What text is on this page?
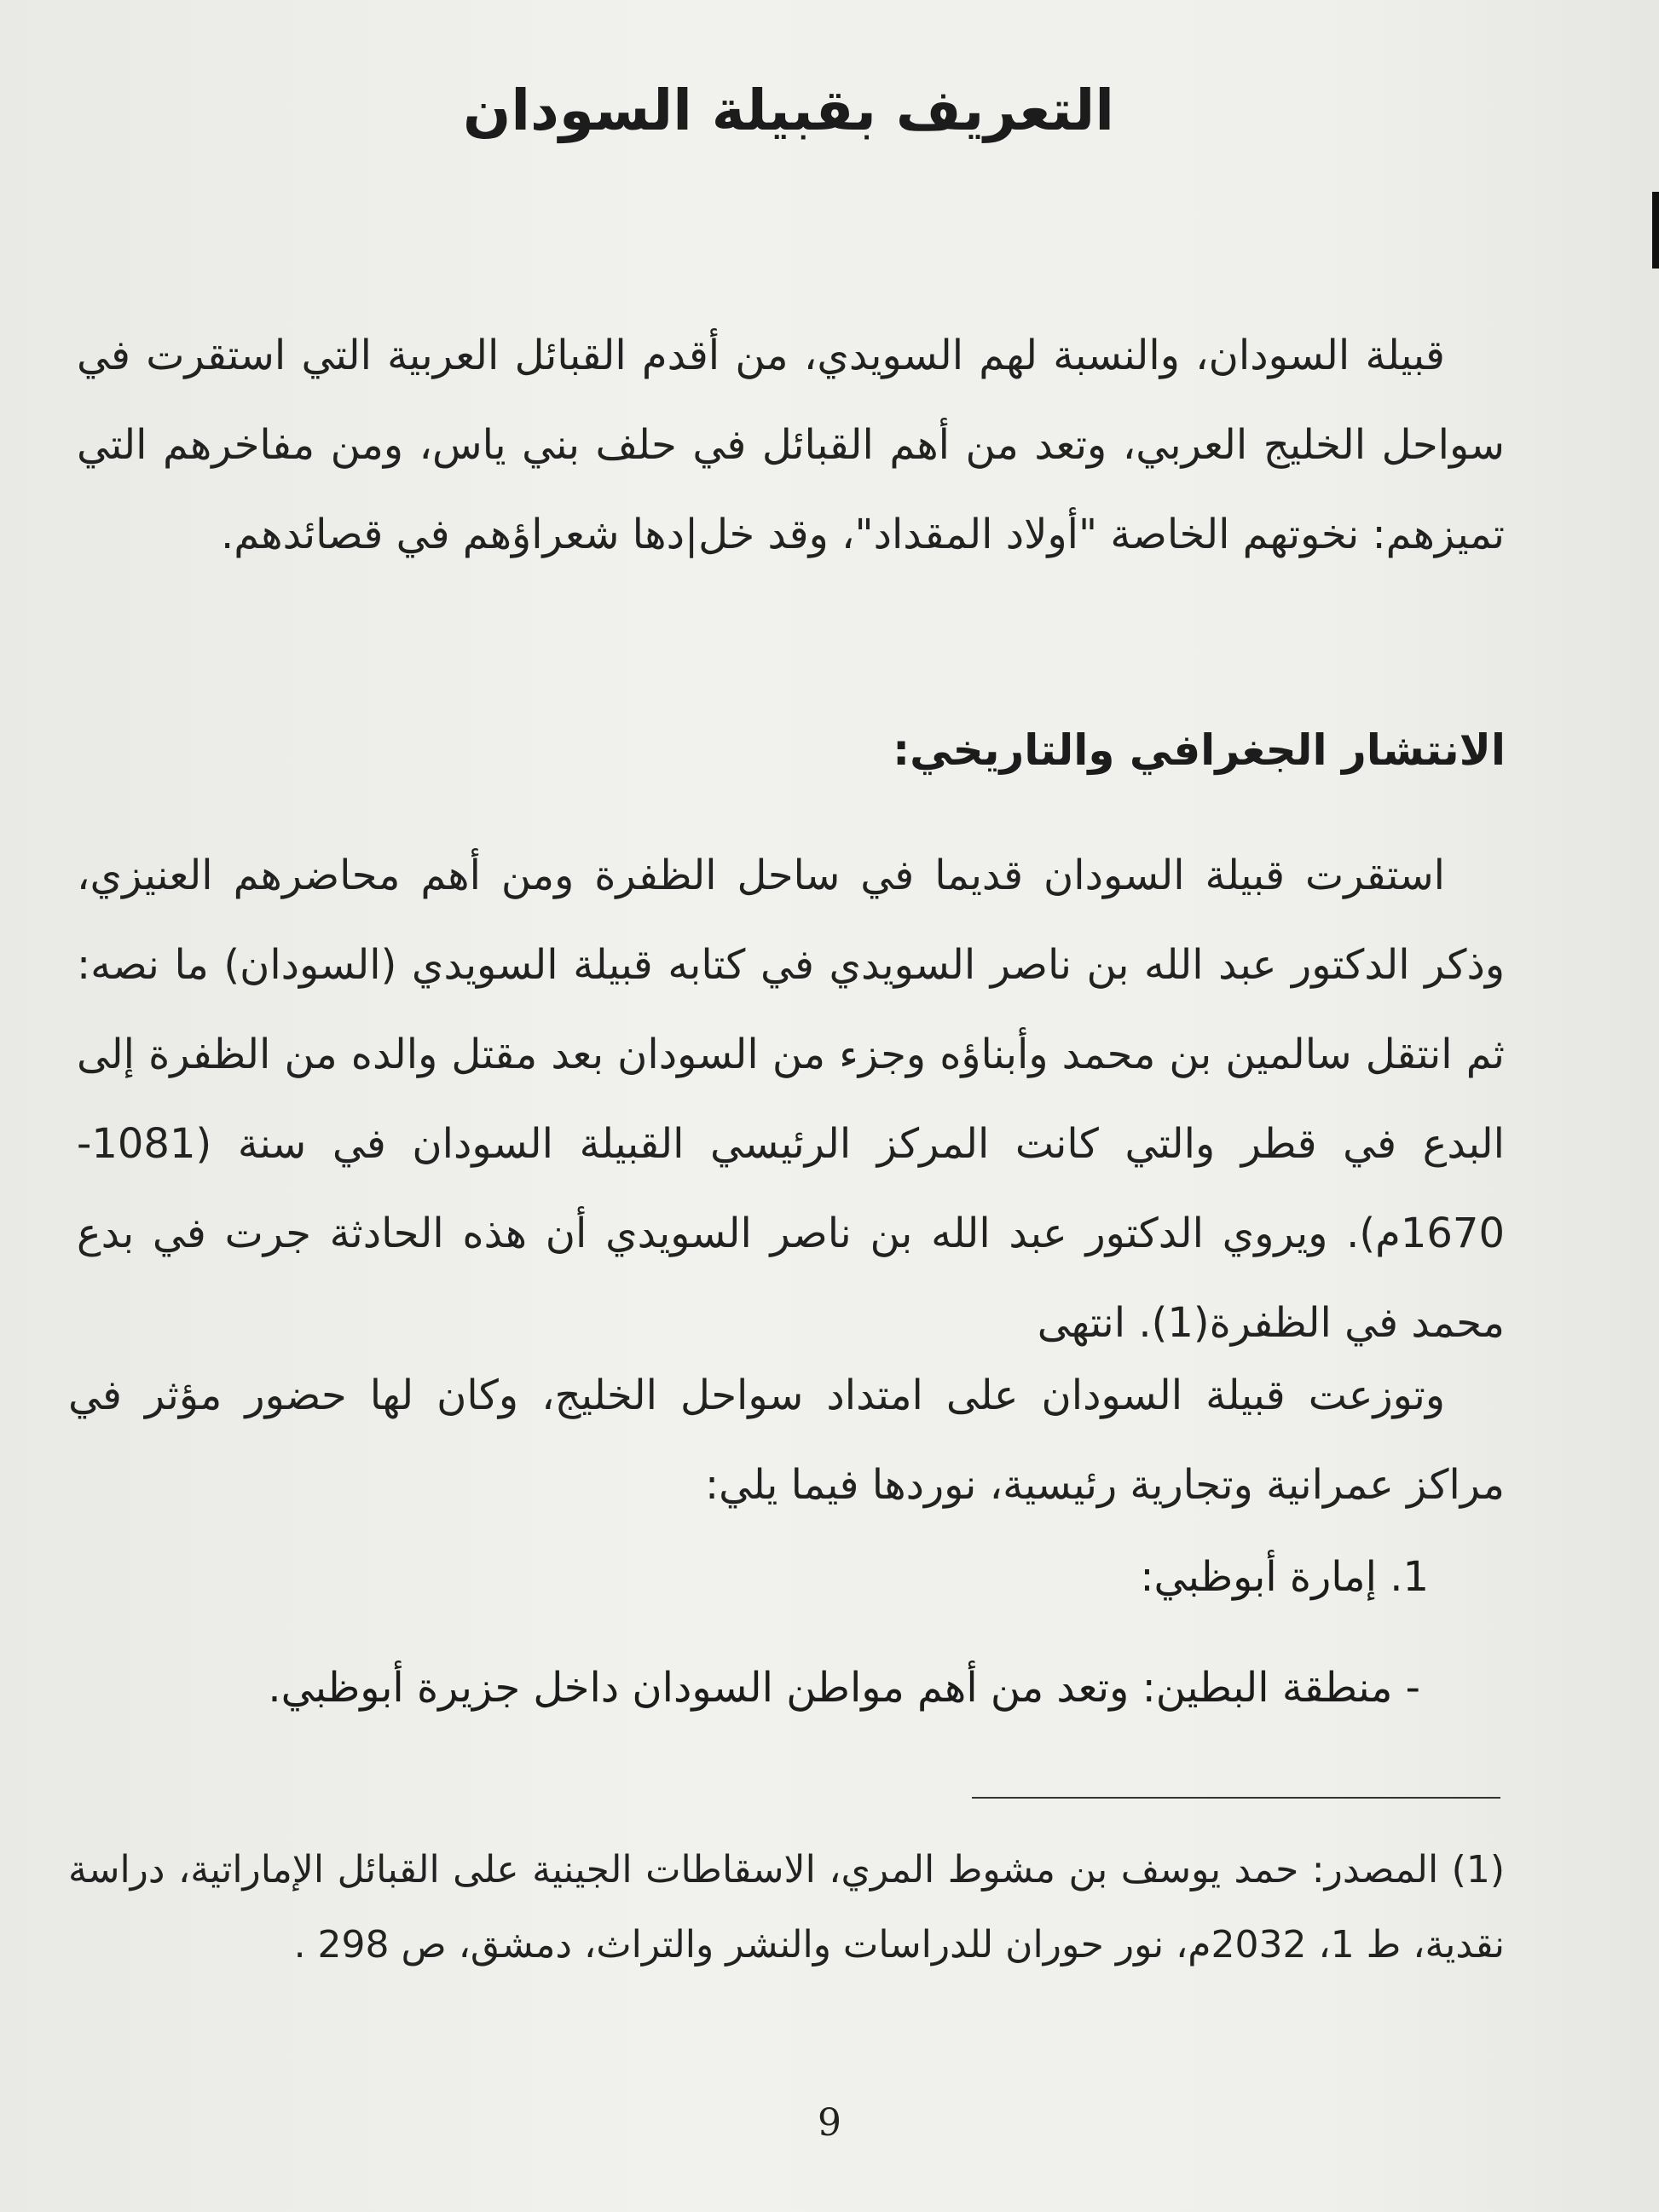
التعريف بقبيلة السودان

قبيلة السودان، والنسبة لهم السويدي، من أقدم القبائل العربية التي استقرت في سواحل الخليج العربي، وتعد من أهم القبائل في حلف بني ياس، ومن مفاخرهم التي تميزهم: نخوتهم الخاصة "أولاد المقداد"، وقد خل|دها شعراؤهم في قصائدهم.

الانتشار الجغرافي والتاريخي:

استقرت قبيلة السودان قديما في ساحل الظفرة ومن أهم محاضرهم العنيزي، وذكر الدكتور عبد الله بن ناصر السويدي في كتابه قبيلة السويدي (السودان) ما نصه: ثم انتقل سالمين بن محمد وأبناؤه وجزء من السودان بعد مقتل والده من الظفرة إلى البدع في قطر والتي كانت المركز الرئيسي القبيلة السودان في سنة (1081-1670م). ويروي الدكتور عبد الله بن ناصر السويدي أن هذه الحادثة جرت في بدع محمد في الظفرة(1). انتهى

وتوزعت قبيلة السودان على امتداد سواحل الخليج، وكان لها حضور مؤثر في مراكز عمرانية وتجارية رئيسية، نوردها فيما يلي:

1. إمارة أبوظبي:
- منطقة البطين: وتعد من أهم مواطن السودان داخل جزيرة أبوظبي.

(1) المصدر: حمد يوسف بن مشوط المري، الاسقاطات الجينية على القبائل الإماراتية، دراسة نقدية، ط 1، 2032م، نور حوران للدراسات والنشر والتراث، دمشق، ص 298 .

9
